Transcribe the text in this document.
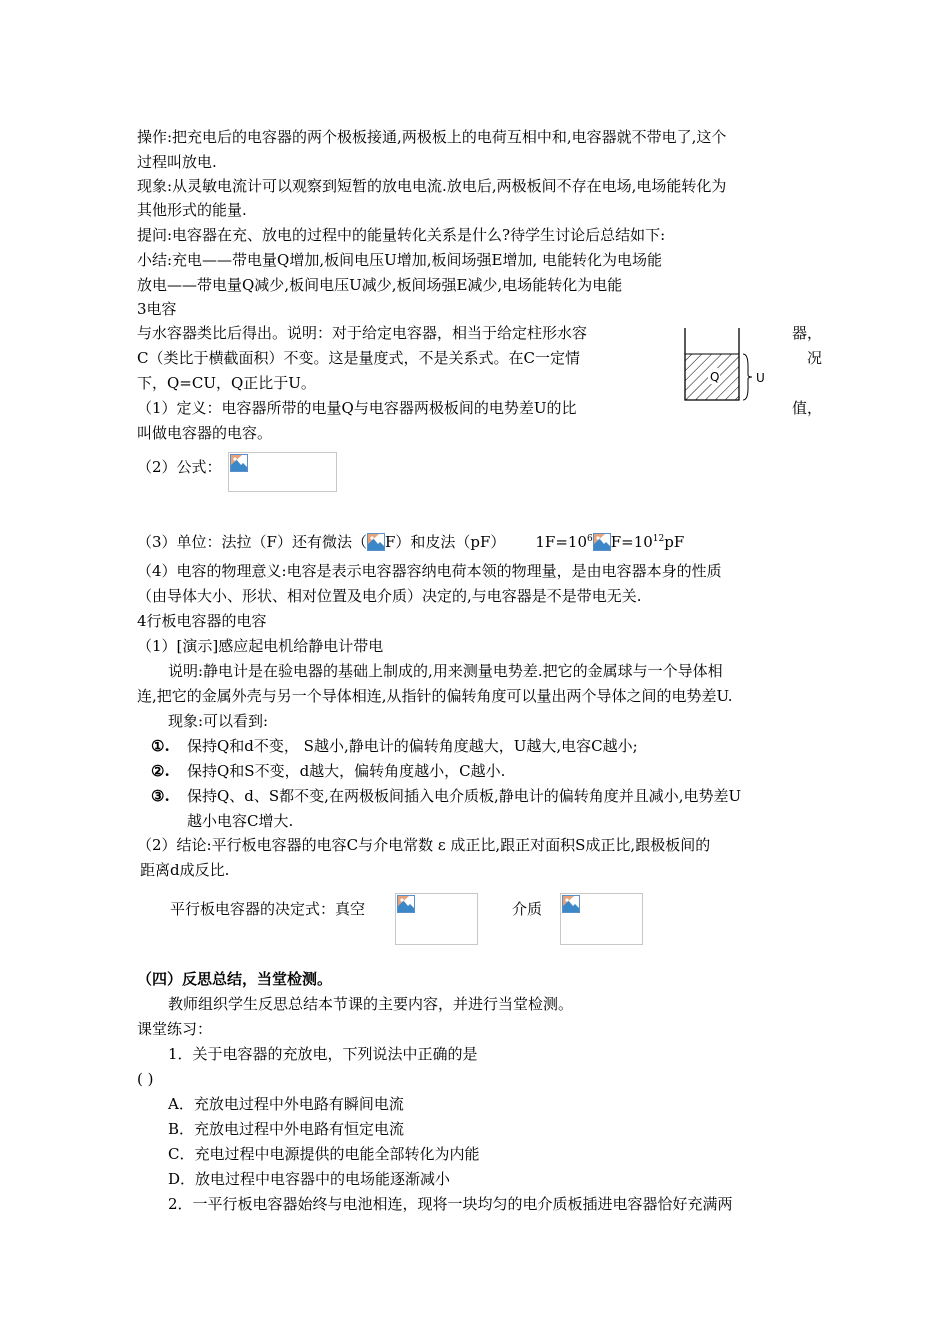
操作:把充电后的电容器的两个极板接通,两极板上的电荷互相中和,电容器就不带电了,这个
过程叫放电.
现象:从灵敏电流计可以观察到短暂的放电电流.放电后,两极板间不存在电场,电场能转化为
其他形式的能量.
提问:电容器在充、放电的过程中的能量转化关系是什么?待学生讨论后总结如下:
小结:充电——带电量Q增加,板间电压U增加,板间场强E增加, 电能转化为电场能
放电——带电量Q减少,板间电压U减少,板间场强E减少,电场能转化为电能
3电容
与水容器类比后得出。说明：对于给定电容器，相当于给定柱形水容	器，
C（类比于横截面积）不变。这是量度式，不是关系式。在C一定情	况
下，Q=CU，Q正比于U。
（1）定义：电容器所带的电量Q与电容器两极板间的电势差U的比	值，
叫做电容器的电容。
Q	U
（2）公式：
（3）单位：法拉（F）还有微法（ F）和皮法（pF） $1F=10^6$ $F=10^{12}pF$
（4）电容的物理意义:电容是表示电容器容纳电荷本领的物理量，是由电容器本身的性质
（由导体大小、形状、相对位置及电介质）决定的,与电容器是不是带电无关.
4行板电容器的电容
（1）[演示]感应起电机给静电计带电
说明:静电计是在验电器的基础上制成的,用来测量电势差.把它的金属球与一个导体相
连,把它的金属外壳与另一个导体相连,从指针的偏转角度可以量出两个导体之间的电势差U.
现象:可以看到:
①. 保持Q和d不变， S越小,静电计的偏转角度越大，U越大,电容C越小;
②. 保持Q和S不变，d越大，偏转角度越小，C越小.
③. 保持Q、d、S都不变,在两极板间插入电介质板,静电计的偏转角度并且减小,电势差U
越小电容C增大.
（2）结论:平行板电容器的电容C与介电常数 ε 成正比,跟正对面积S成正比,跟极板间的
距离d成反比.
平行板电容器的决定式：真空	介质
（四）反思总结，当堂检测。
教师组织学生反思总结本节课的主要内容，并进行当堂检测。
课堂练习：
1．关于电容器的充放电，下列说法中正确的是
( )
A．充放电过程中外电路有瞬间电流
B．充放电过程中外电路有恒定电流
C．充电过程中电源提供的电能全部转化为内能
D．放电过程中电容器中的电场能逐渐减小
2．一平行板电容器始终与电池相连，现将一块均匀的电介质板插进电容器恰好充满两
